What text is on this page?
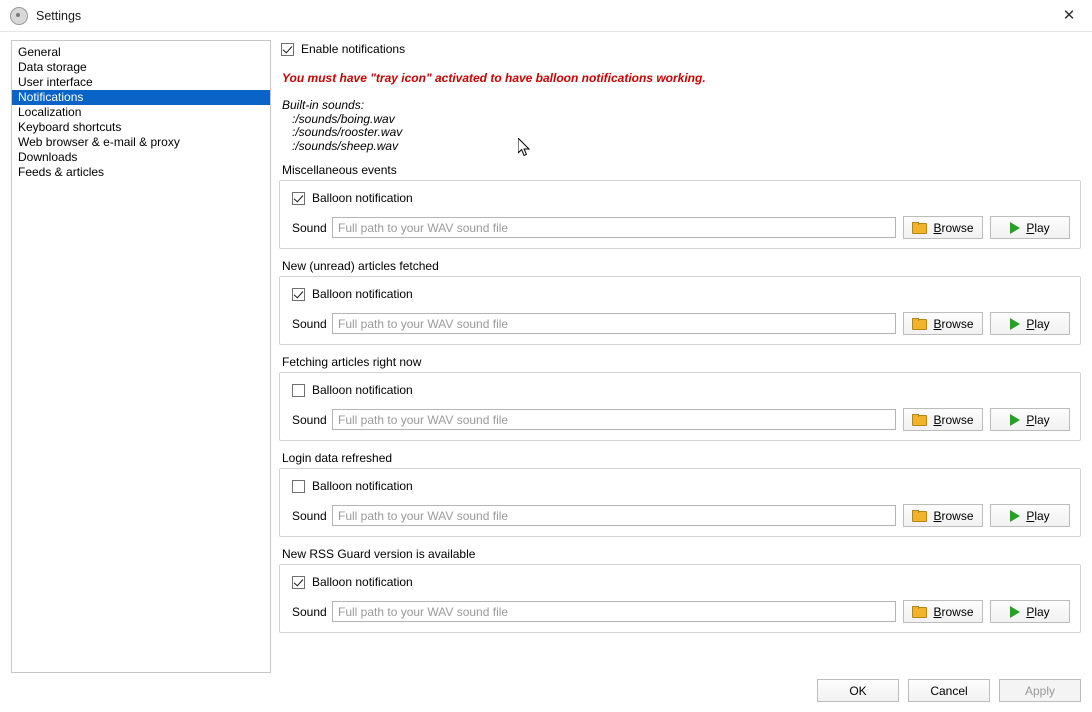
Settings	✕
General
Data storage
User interface
Notifications
Localization
Keyboard shortcuts
Web browser & e-mail & proxy
Downloads
Feeds & articles
Enable notifications
You must have "tray icon" activated to have balloon notifications working.
Built-in sounds:
:/sounds/boing.wav
:/sounds/rooster.wav
:/sounds/sheep.wav
Miscellaneous events
Balloon notification
Sound
Full path to your WAV sound file	Browse	Play
New (unread) articles fetched
Balloon notification
Sound
Full path to your WAV sound file	Browse	Play
Fetching articles right now
Balloon notification
Sound
Full path to your WAV sound file	Browse	Play
Login data refreshed
Balloon notification
Sound
Full path to your WAV sound file	Browse	Play
New RSS Guard version is available
Balloon notification
Sound
Full path to your WAV sound file	Browse	Play
OK	Cancel	Apply
